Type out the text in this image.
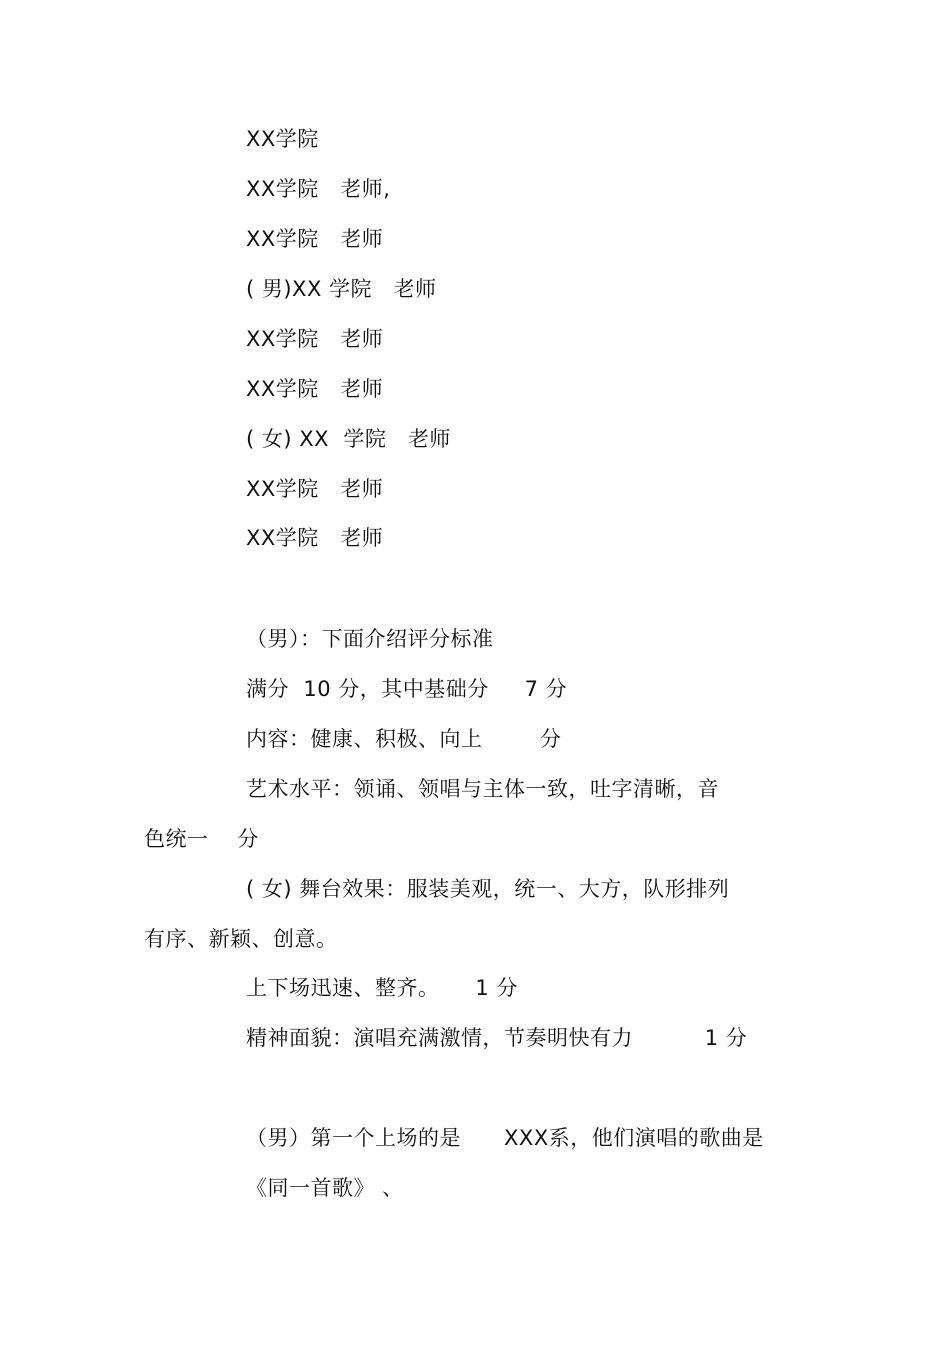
XX学院
XX学院   老师,
XX学院   老师
( 男)XX 学院   老师
XX学院   老师
XX学院   老师
( 女) XX  学院   老师
XX学院   老师
XX学院   老师
（男）：下面介绍评分标准
满分  10 分，其中基础分     7 分
内容：健康、积极、向上        分
艺术水平：领诵、领唱与主体一致，吐字清晰，音
色统一    分
( 女) 舞台效果：服装美观，统一、大方，队形排列
有序、新颖、创意。
上下场迅速、整齐。     1 分
精神面貌：演唱充满激情，节奏明快有力          1 分
（男）第一个上场的是      XXX系，他们演唱的歌曲是
《同一首歌》 、
